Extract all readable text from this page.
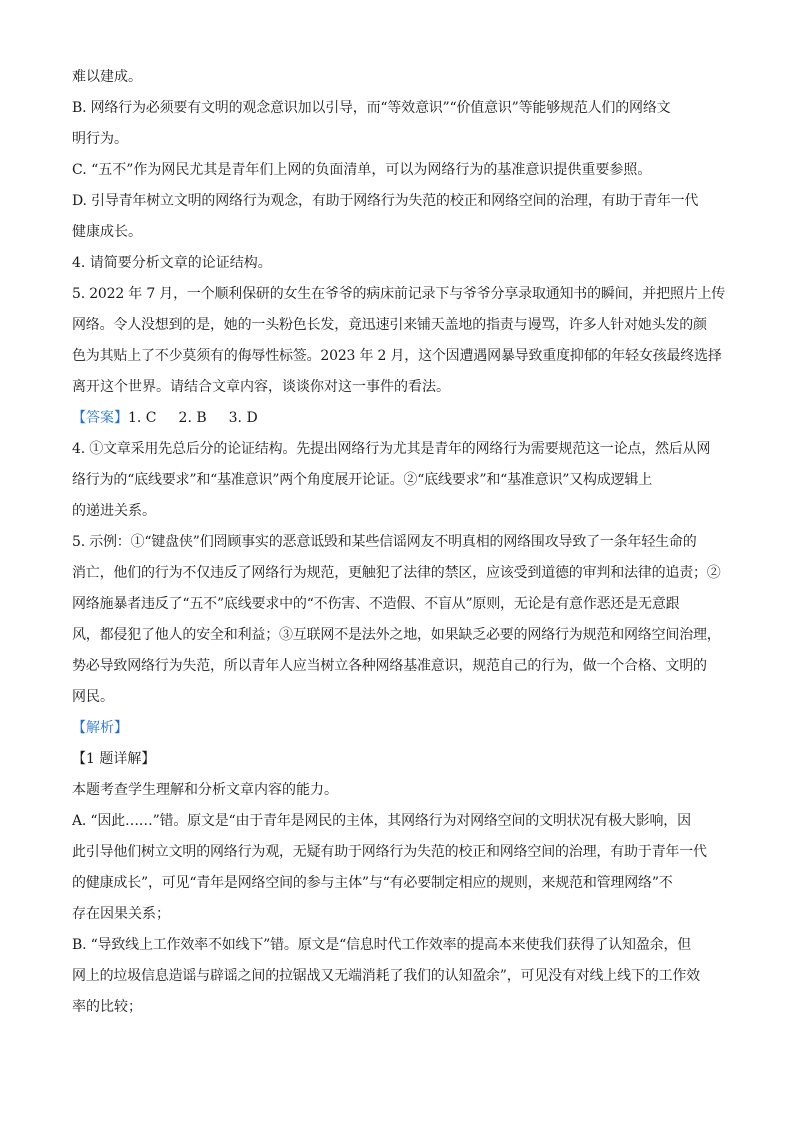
难以建成。
B. 网络行为必须要有文明的观念意识加以引导，而“等效意识”“价值意识”等能够规范人们的网络文
明行为。
C. “五不”作为网民尤其是青年们上网的负面清单，可以为网络行为的基准意识提供重要参照。
D. 引导青年树立文明的网络行为观念，有助于网络行为失范的校正和网络空间的治理，有助于青年一代
健康成长。
4. 请简要分析文章的论证结构。
5. 2022 年 7 月，一个顺利保研的女生在爷爷的病床前记录下与爷爷分享录取通知书的瞬间，并把照片上传
网络。令人没想到的是，她的一头粉色长发，竟迅速引来铺天盖地的指责与谩骂，许多人针对她头发的颜
色为其贴上了不少莫须有的侮辱性标签。2023 年 2 月，这个因遭遇网暴导致重度抑郁的年轻女孩最终选择
离开这个世界。请结合文章内容，谈谈你对这一事件的看法。
【答案】1. C 2. B 3. D
4. ①文章采用先总后分的论证结构。先提出网络行为尤其是青年的网络行为需要规范这一论点，然后从网
络行为的“底线要求”和“基准意识”两个角度展开论证。②“底线要求”和“基准意识”又构成逻辑上
的递进关系。
5. 示例：①“键盘侠”们罔顾事实的恶意诋毁和某些信谣网友不明真相的网络围攻导致了一条年轻生命的
消亡，他们的行为不仅违反了网络行为规范，更触犯了法律的禁区，应该受到道德的审判和法律的追责；②
网络施暴者违反了“五不”底线要求中的“不伤害、不造假、不盲从”原则，无论是有意作恶还是无意跟
风，都侵犯了他人的安全和利益；③互联网不是法外之地，如果缺乏必要的网络行为规范和网络空间治理，
势必导致网络行为失范，所以青年人应当树立各种网络基准意识，规范自己的行为，做一个合格、文明的
网民。
【解析】
【1 题详解】
本题考查学生理解和分析文章内容的能力。
A. “因此……”错。原文是“由于青年是网民的主体，其网络行为对网络空间的文明状况有极大影响，因
此引导他们树立文明的网络行为观，无疑有助于网络行为失范的校正和网络空间的治理，有助于青年一代
的健康成长”，可见“青年是网络空间的参与主体”与“有必要制定相应的规则，来规范和管理网络”不
存在因果关系；
B. “导致线上工作效率不如线下”错。原文是“信息时代工作效率的提高本来使我们获得了认知盈余，但
网上的垃圾信息造谣与辟谣之间的拉锯战又无端消耗了我们的认知盈余”，可见没有对线上线下的工作效
率的比较；
